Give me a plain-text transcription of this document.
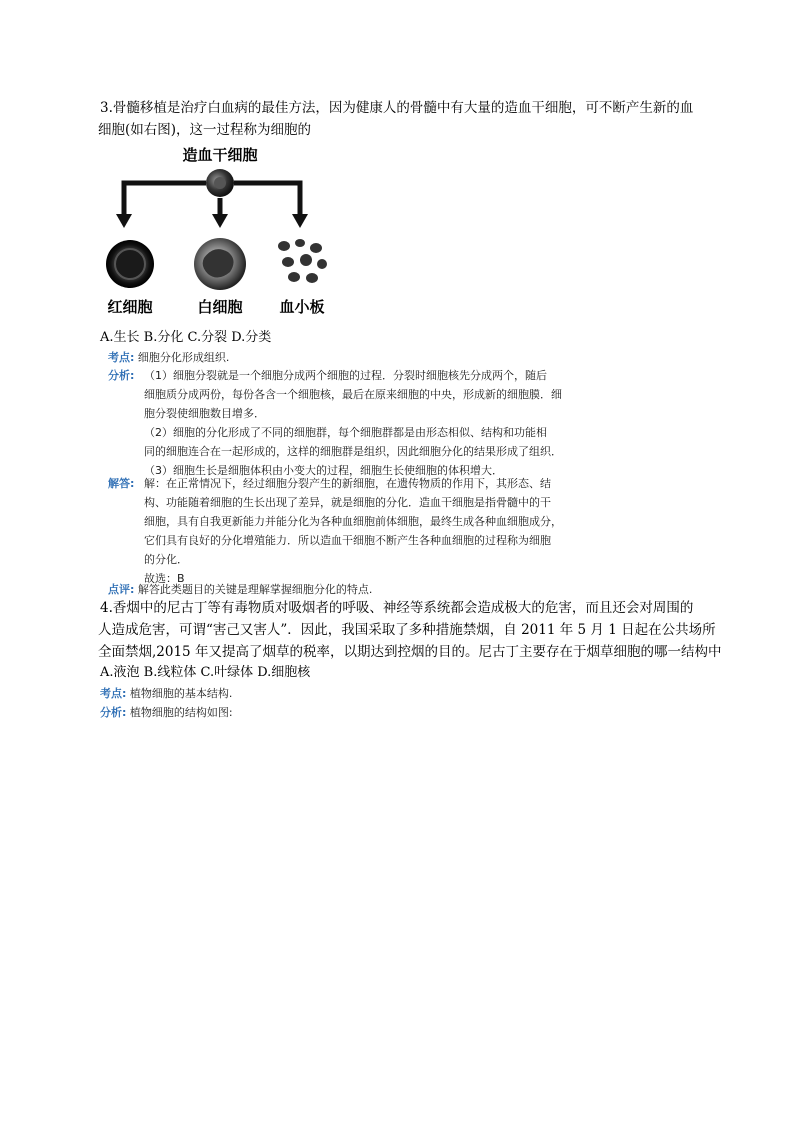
3.骨髓移植是治疗白血病的最佳方法，因为健康人的骨髓中有大量的造血干细胞，可不断产生新的血
细胞(如右图)，这一过程称为细胞的
造血干细胞
红细胞	白细胞 血小板
A.生长 B.分化 C.分裂 D.分类
考点: 细胞分化形成组织.
分析: （1）细胞分裂就是一个细胞分成两个细胞的过程．分裂时细胞核先分成两个，随后
细胞质分成两份，每份各含一个细胞核，最后在原来细胞的中央，形成新的细胞膜．细
胞分裂使细胞数目增多．
（2）细胞的分化形成了不同的细胞群，每个细胞群都是由形态相似、结构和功能相
同的细胞连合在一起形成的，这样的细胞群是组织，因此细胞分化的结果形成了组织．
（3）细胞生长是细胞体积由小变大的过程，细胞生长使细胞的体积增大．
解答: 解：在正常情况下，经过细胞分裂产生的新细胞，在遗传物质的作用下，其形态、结
构、功能随着细胞的生长出现了差异，就是细胞的分化．造血干细胞是指骨髓中的干
细胞，具有自我更新能力并能分化为各种血细胞前体细胞，最终生成各种血细胞成分，
它们具有良好的分化增殖能力．所以造血干细胞不断产生各种血细胞的过程称为细胞
的分化．
故选：B
点评: 解答此类题目的关键是理解掌握细胞分化的特点.
4.香烟中的尼古丁等有毒物质对吸烟者的呼吸、神经等系统都会造成极大的危害，而且还会对周围的
人造成危害，可谓“害己又害人”．因此，我国采取了多种措施禁烟，自 2011 年 5 月 1 日起在公共场所
全面禁烟,2015 年又提高了烟草的税率，以期达到控烟的目的。尼古丁主要存在于烟草细胞的哪一结构中
A.液泡 B.线粒体 C.叶绿体 D.细胞核
考点: 植物细胞的基本结构.
分析: 植物细胞的结构如图:
